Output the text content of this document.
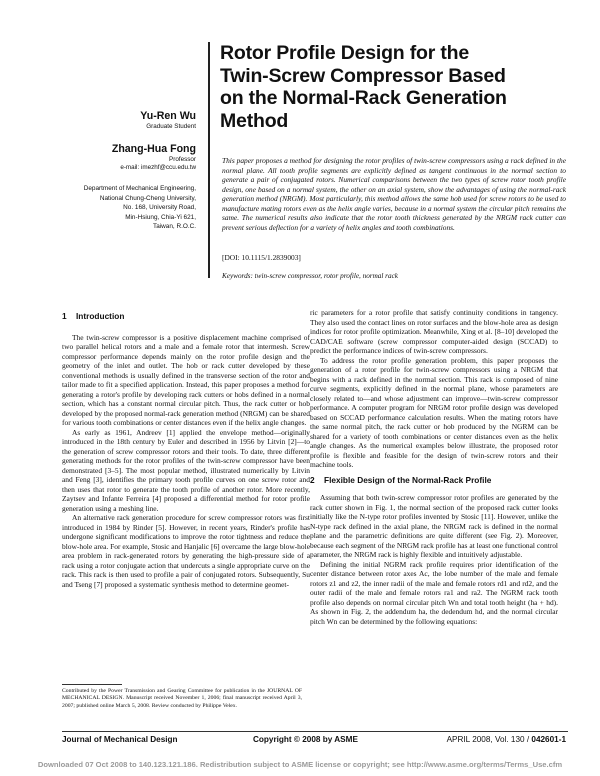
Rotor Profile Design for the
Twin-Screw Compressor Based
on the Normal-Rack Generation
Method
Yu-Ren Wu
Graduate Student
Zhang-Hua Fong
Professor
e-mail: imezhf@ccu.edu.tw
Department of Mechanical Engineering,
National Chung-Cheng University,
No. 168, University Road,
Min-Hsiung, Chia-Yi 621,
Taiwan, R.O.C.
This paper proposes a method for designing the rotor profiles of twin-screw compressors using a rack defined in the normal plane. All tooth profile segments are explicitly defined as tangent continuous in the normal section to generate a pair of conjugated rotors. Numerical comparisons between the two types of screw rotor tooth profile design, one based on a normal system, the other on an axial system, show the advantages of using the normal-rack generation method (NRGM). Most particularly, this method allows the same hob used for screw rotors to be used to manufacture mating rotors even as the helix angle varies, because in a normal system the circular pitch remains the same. The numerical results also indicate that the rotor tooth thickness generated by the NRGM rack cutter can prevent serious deflection for a variety of helix angles and tooth combinations.
[DOI: 10.1115/1.2839003]
Keywords: twin-screw compressor, rotor profile, normal rack
1 Introduction

The twin-screw compressor is a positive displacement machine comprised of two parallel helical rotors and a male and a female rotor that intermesh. Screw compressor performance depends mainly on the rotor profile design and the geometry of the inlet and outlet. The hob or rack cutter developed by these conventional methods is usually defined in the transverse section of the rotor and tailor made to fit a specified application. Instead, this paper proposes a method for generating a rotor's profile by developing rack cutters or hobs defined in a normal section, which has a constant normal circular pitch. Thus, the rack cutter or hob developed by the proposed normal-rack generation method (NRGM) can be shared for various tooth combinations or center distances even if the helix angle changes.

As early as 1961, Andreev [1] applied the envelope method—originally introduced in the 18th century by Euler and described in 1956 by Litvin [2]—to the generation of screw compressor rotors and their tools. To date, three different generating methods for the rotor profiles of the twin-screw compressor have been demonstrated [3–5]. The most popular method, illustrated numerically by Litvin and Feng [3], identifies the primary tooth profile curves on one screw rotor and then uses that rotor to generate the tooth profile of another rotor. More recently, Zaytsev and Infante Ferreira [4] proposed a differential method for rotor profile generation using a meshing line.

An alternative rack generation procedure for screw compressor rotors was first introduced in 1984 by Rinder [5]. However, in recent years, Rinder's profile has undergone significant modifications to improve the rotor tightness and reduce the blow-hole area. For example, Stosic and Hanjalic [6] overcame the large blow-hole area problem in rack-generated rotors by generating the high-pressure side of a rack using a rotor conjugate action that undercuts a single appropriate curve on the rack. This rack is then used to profile a pair of conjugated rotors. Subsequently, Su and Tseng [7] proposed a systematic synthesis method to determine geomet-

ric parameters for a rotor profile that satisfy continuity conditions in tangency. They also used the contact lines on rotor surfaces and the blow-hole area as design indices for rotor profile optimization. Meanwhile, Xing et al. [8–10] developed the CAD/CAE software (screw compressor computer-aided design (SCCAD) to predict the performance indices of twin-screw compressors.

To address the rotor profile generation problem, this paper proposes the generation of a rotor profile for twin-screw compressors using a NRGM that begins with a rack defined in the normal section. This rack is composed of nine curve segments, explicitly defined in the normal plane, whose parameters are closely related to—and whose adjustment can improve—twin-screw compressor performance. A computer program for NRGM rotor profile design was developed based on SCCAD performance calculation results. When the mating rotors have the same normal pitch, the rack cutter or hob produced by the NGRM can be shared for a variety of tooth combinations or center distances even as the helix angle changes. As the numerical examples below illustrate, the proposed rotor profile is flexible and feasible for the design of twin-screw rotors and their machine tools.

2 Flexible Design of the Normal-Rack Profile

Assuming that both twin-screw compressor rotor profiles are generated by the rack cutter shown in Fig. 1, the normal section of the proposed rack cutter looks initially like the N-type rotor profiles invented by Stosic [11]. However, unlike the N-type rack defined in the axial plane, the NRGM rack is defined in the normal plane and the parametric definitions are quite different (see Fig. 2). Moreover, because each segment of the NRGM rack profile has at least one functional control parameter, the NRGM rack is highly flexible and intuitively adjustable.

Defining the initial NGRM rack profile requires prior identification of the center distance between rotor axes Ac, the lobe number of the male and female rotors z1 and z2, the inner radii of the male and female rotors rd1 and rd2, and the outer radii of the male and female rotors ra1 and ra2. The NGRM rack tooth profile also depends on normal circular pitch Wn and total tooth height (ha + hd). As shown in Fig. 2, the addendum ha, the dedendum hd, and the normal circular pitch Wn can be determined by the following equations:

Contributed by the Power Transmission and Gearing Committee for publication in the JOURNAL OF MECHANICAL DESIGN. Manuscript received November 1, 2006; final manuscript received April 3, 2007; published online March 5, 2008. Review conducted by Philippe Velex.
Journal of Mechanical Design	Copyright © 2008 by ASME	APRIL 2008, Vol. 130 / 042601-1
Downloaded 07 Oct 2008 to 140.123.121.186. Redistribution subject to ASME license or copyright; see http://www.asme.org/terms/Terms_Use.cfm
